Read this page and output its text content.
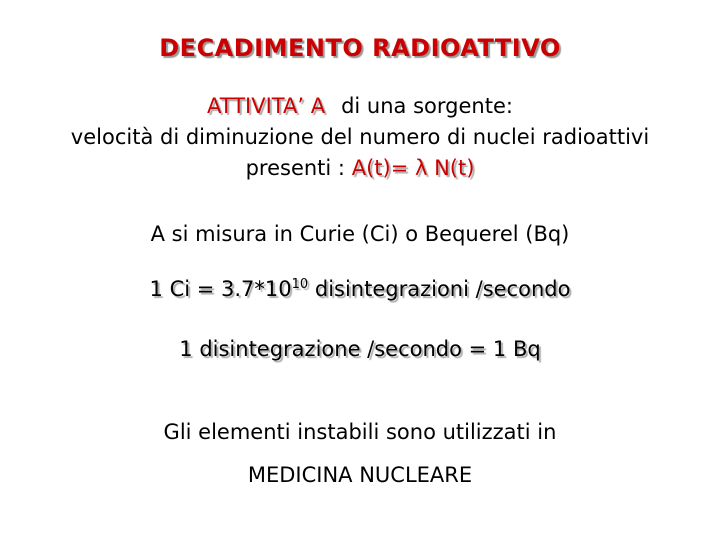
DECADIMENTO RADIOATTIVO
ATTIVITA’ A di una sorgente:
velocità di diminuzione del numero di nuclei radioattivi
presenti : A(t)= λ N(t)
A si misura in Curie (Ci) o Bequerel (Bq)
1 $Ci = 3.7*10^{10}$ disintegrazioni /secondo
1 disintegrazione /secondo = 1 Bq
Gli elementi instabili sono utilizzati in
MEDICINA NUCLEARE
